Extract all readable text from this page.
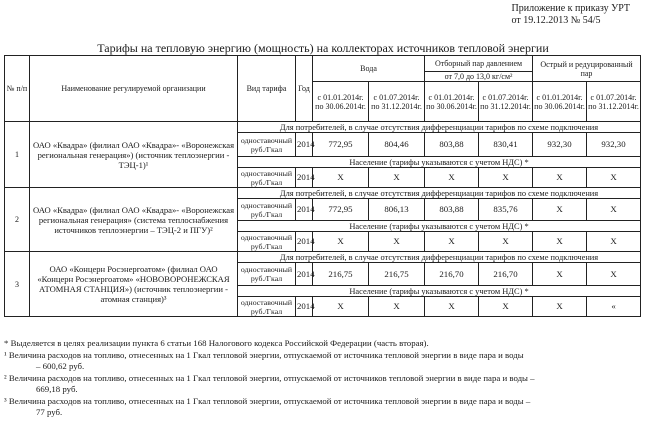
Приложение к приказу УРТ
от 19.12.2013 № 54/5
Тарифы на тепловую энергию (мощность) на коллекторах источников тепловой энергии
№ п/п	Наименование регулируемой организации	Вид тарифа	Год	Вода		Отборный пар давлением		Острый и редуцированный пар	
						от 7,0 до 13,0 кг/см²			
				с 01.01.2014г. по 30.06.2014г.	с 01.07.2014г. по 31.12.2014г.	с 01.01.2014г. по 30.06.2014г.	с 01.07.2014г. по 31.12.2014г.	с 01.01.2014г. по 30.06.2014г.	с 01.07.2014г. по 31.12.2014г.
1	ОАО «Квадра» (филиал ОАО «Квадра»- «Воронежская региональная генерация») (источник теплоэнергии - ТЭЦ-1)¹	Для потребителей, в случае отсутствия дифференциации тарифов по схеме подключения							
		одноставочный руб./Гкал	2014	772,95	804,46	803,88	830,41	932,30	932,30
		Население (тарифы указываются с учетом НДС) *							
		одноставочный руб./Гкал	2014	X	X	X	X	X	X
2	ОАО «Квадра» (филиал ОАО «Квадра»- «Воронежская региональная генерация» (система теплоснабжения источников теплоэнергии – ТЭЦ-2 и ПГУ)²	Для потребителей, в случае отсутствия дифференциации тарифов по схеме подключения							
		одноставочный руб./Гкал	2014	772,95	806,13	803,88	835,76	X	X
		Население (тарифы указываются с учетом НДС) *							
		одноставочный руб./Гкал	2014	X	X	X	X	X	X
3	ОАО «Концерн Росэнергоатом» (филиал ОАО «Концерн Росэнергоатом» «НОВОВОРОНЕЖСКАЯ АТОМНАЯ СТАНЦИЯ») (источник теплоэнергии - атомная станция)³	Для потребителей, в случае отсутствия дифференциации тарифов по схеме подключения							
		одноставочный руб./Гкал	2014	216,75	216,75	216,70	216,70	X	X
		Население (тарифы указываются с учетом НДС) *							
		одноставочный руб./Гкал	2014	X	X	X	X	X	«

* Выделяется в целях реализации пункта 6 статьи 168 Налогового кодекса Российской Федерации (часть вторая).

¹ Величина расходов на топливо, отнесенных на 1 Гкал тепловой энергии, отпускаемой от источника тепловой энергии в виде пара и воды

– 600,62 руб.

² Величина расходов на топливо, отнесенных на 1 Гкал тепловой энергии, отпускаемой от источников тепловой энергии в виде пара и воды –

669,18 руб.

³ Величина расходов на топливо, отнесенных на 1 Гкал тепловой энергии, отпускаемой от источника тепловой энергии в виде пара и воды –

77 руб.
